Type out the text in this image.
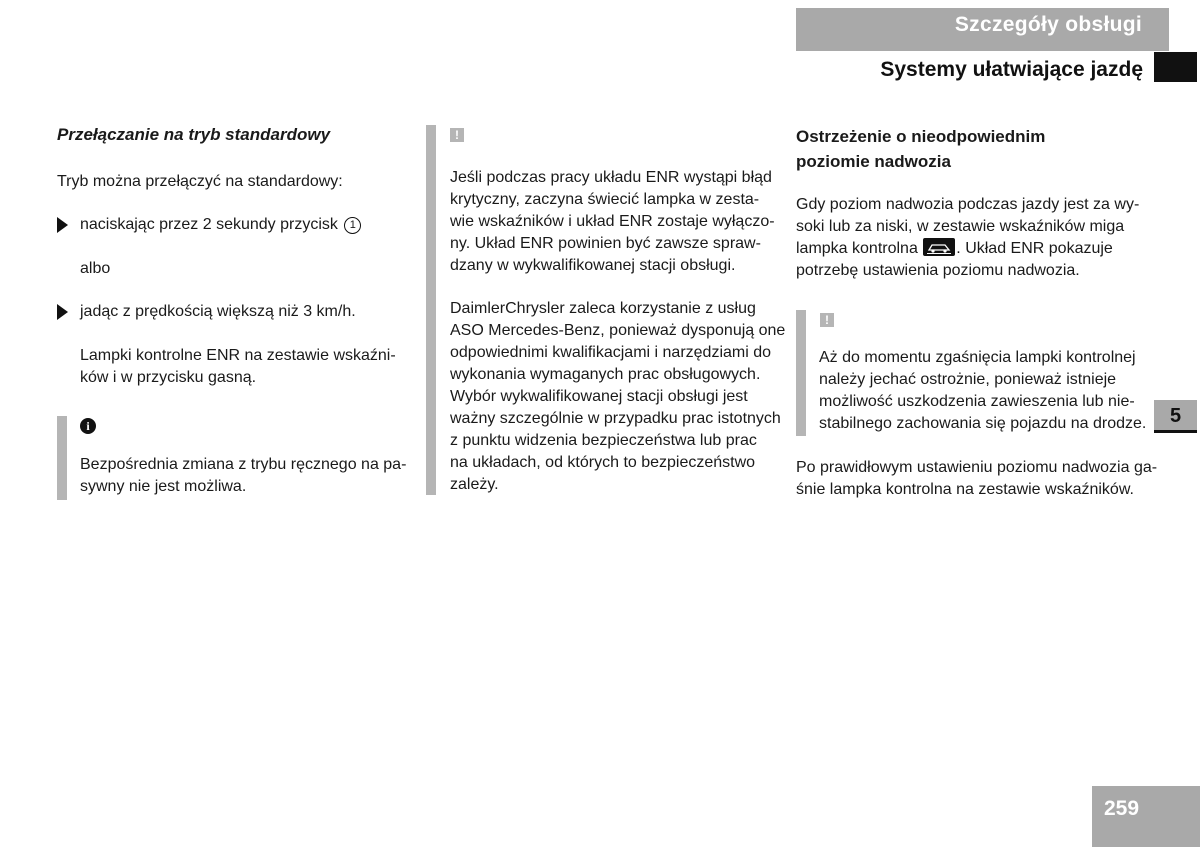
Szczegóły obsługi
Systemy ułatwiające jazdę
5
259
Przełączanie na tryb standardowy
Tryb można przełączyć na standardowy:
naciskając przez 2 sekundy przycisk 1
albo
jadąc z prędkością większą niż 3 km/h.
Lampki kontrolne ENR na zestawie wskaźni-
ków i w przycisku gasną.
i
Bezpośrednia zmiana z trybu ręcznego na pa-
sywny nie jest możliwa.
!
Jeśli podczas pracy układu ENR wystąpi błąd
krytyczny, zaczyna świecić lampka w zesta-
wie wskaźników i układ ENR zostaje wyłączo-
ny. Układ ENR powinien być zawsze spraw-
dzany w wykwalifikowanej stacji obsługi.
DaimlerChrysler zaleca korzystanie z usług
ASO Mercedes-Benz, ponieważ dysponują one
odpowiednimi kwalifikacjami i narzędziami do
wykonania wymaganych prac obsługowych.
Wybór wykwalifikowanej stacji obsługi jest
ważny szczególnie w przypadku prac istotnych
z punktu widzenia bezpieczeństwa lub prac
na układach, od których to bezpieczeństwo
zależy.
Ostrzeżenie o nieodpowiednim
poziomie nadwozia
Gdy poziom nadwozia podczas jazdy jest za wy-
soki lub za niski, w zestawie wskaźników miga
lampka kontrolna . Układ ENR pokazuje
potrzebę ustawienia poziomu nadwozia.
!
Aż do momentu zgaśnięcia lampki kontrolnej
należy jechać ostrożnie, ponieważ istnieje
możliwość uszkodzenia zawieszenia lub nie-
stabilnego zachowania się pojazdu na drodze.
Po prawidłowym ustawieniu poziomu nadwozia ga-
śnie lampka kontrolna na zestawie wskaźników.
